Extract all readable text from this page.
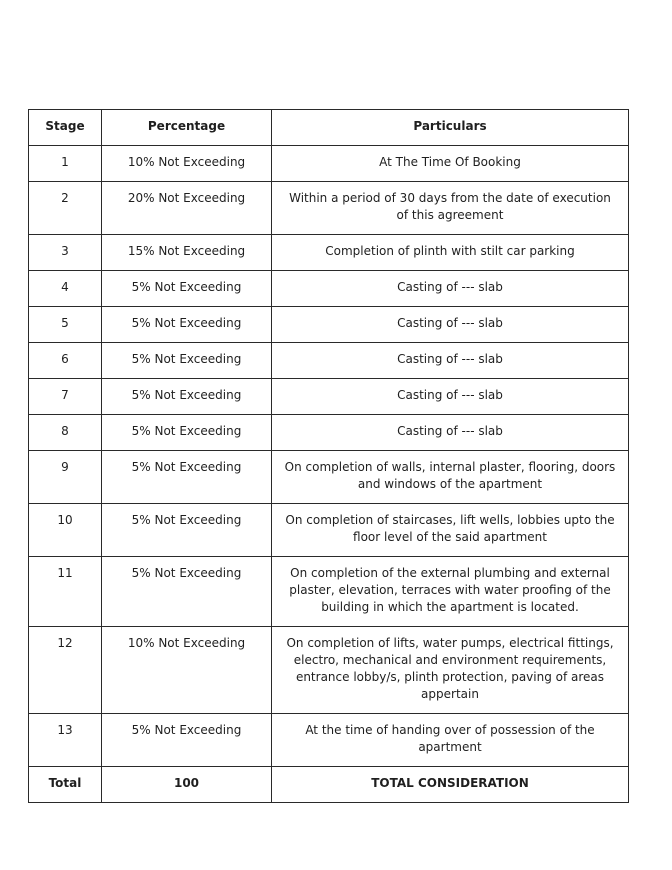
Stage	Percentage	Particulars
1	10% Not Exceeding	At The Time Of Booking
2	20% Not Exceeding	Within a period of 30 days from the date of execution of this agreement
3	15% Not Exceeding	Completion of plinth with stilt car parking
4	5% Not Exceeding	Casting of --- slab
5	5% Not Exceeding	Casting of --- slab
6	5% Not Exceeding	Casting of --- slab
7	5% Not Exceeding	Casting of --- slab
8	5% Not Exceeding	Casting of --- slab
9	5% Not Exceeding	On completion of walls, internal plaster, flooring, doors and windows of the apartment
10	5% Not Exceeding	On completion of staircases, lift wells, lobbies upto the floor level of the said apartment
11	5% Not Exceeding	On completion of the external plumbing and external plaster, elevation, terraces with water proofing of the building in which the apartment is located.
12	10% Not Exceeding	On completion of lifts, water pumps, electrical fittings, electro, mechanical and environment requirements, entrance lobby/s, plinth protection, paving of areas appertain
13	5% Not Exceeding	At the time of handing over of possession of the apartment
Total	100	TOTAL CONSIDERATION
